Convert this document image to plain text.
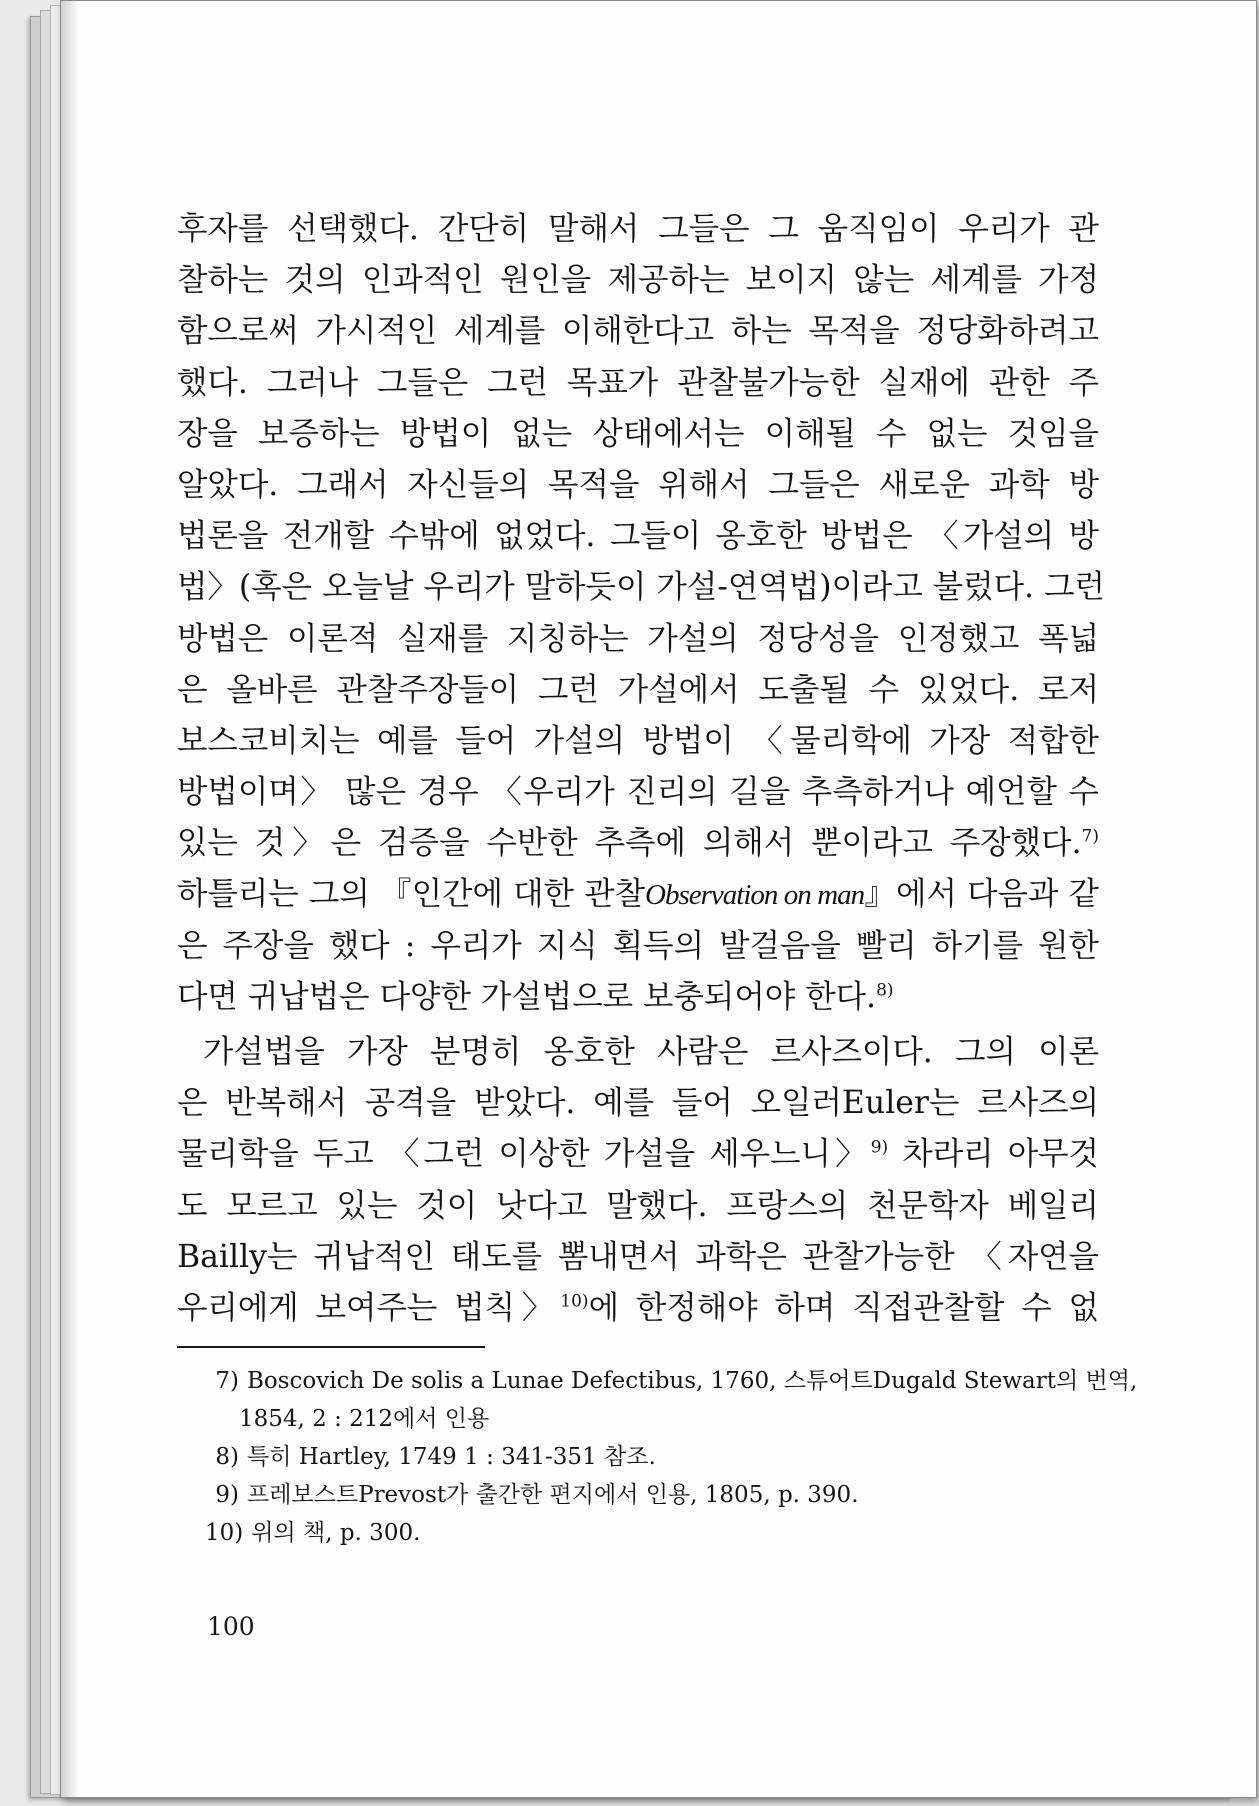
후자를 선택했다. 간단히 말해서 그들은 그 움직임이 우리가 관
찰하는 것의 인과적인 원인을 제공하는 보이지 않는 세계를 가정
함으로써 가시적인 세계를 이해한다고 하는 목적을 정당화하려고
했다. 그러나 그들은 그런 목표가 관찰불가능한 실재에 관한 주
장을 보증하는 방법이 없는 상태에서는 이해될 수 없는 것임을
알았다. 그래서 자신들의 목적을 위해서 그들은 새로운 과학 방
법론을 전개할 수밖에 없었다. 그들이 옹호한 방법은 〈가설의 방
법〉(혹은 오늘날 우리가 말하듯이 가설-연역법)이라고 불렀다. 그런
방법은 이론적 실재를 지칭하는 가설의 정당성을 인정했고 폭넓
은 올바른 관찰주장들이 그런 가설에서 도출될 수 있었다. 로저
보스코비치는 예를 들어 가설의 방법이 〈물리학에 가장 적합한
방법이며〉 많은 경우 〈우리가 진리의 길을 추측하거나 예언할 수
있는 것〉은 검증을 수반한 추측에 의해서 뿐이라고 주장했다.$^{7)}$
하틀리는 그의 『인간에 대한 관찰Observation on man』에서 다음과 같
은 주장을 했다 : 우리가 지식 획득의 발걸음을 빨리 하기를 원한
다면 귀납법은 다양한 가설법으로 보충되어야 한다.$^{8)}$
가설법을 가장 분명히 옹호한 사람은 르사즈이다. 그의 이론
은 반복해서 공격을 받았다. 예를 들어 오일러Euler는 르사즈의
물리학을 두고 〈그런 이상한 가설을 세우느니〉$^{9)}$ 차라리 아무것
도 모르고 있는 것이 낫다고 말했다. 프랑스의 천문학자 베일리
Bailly는 귀납적인 태도를 뽐내면서 과학은 관찰가능한 〈자연을
우리에게 보여주는 법칙〉$^{10)}$에 한정해야 하며 직접관찰할 수 없
7) Boscovich De solis a Lunae Defectibus, 1760, 스튜어트Dugald Stewart의 번역,
1854, 2 : 212에서 인용
8) 특히 Hartley, 1749 1 : 341-351 참조.
9) 프레보스트Prevost가 출간한 편지에서 인용, 1805, p. 390.
10) 위의 책, p. 300.
100
